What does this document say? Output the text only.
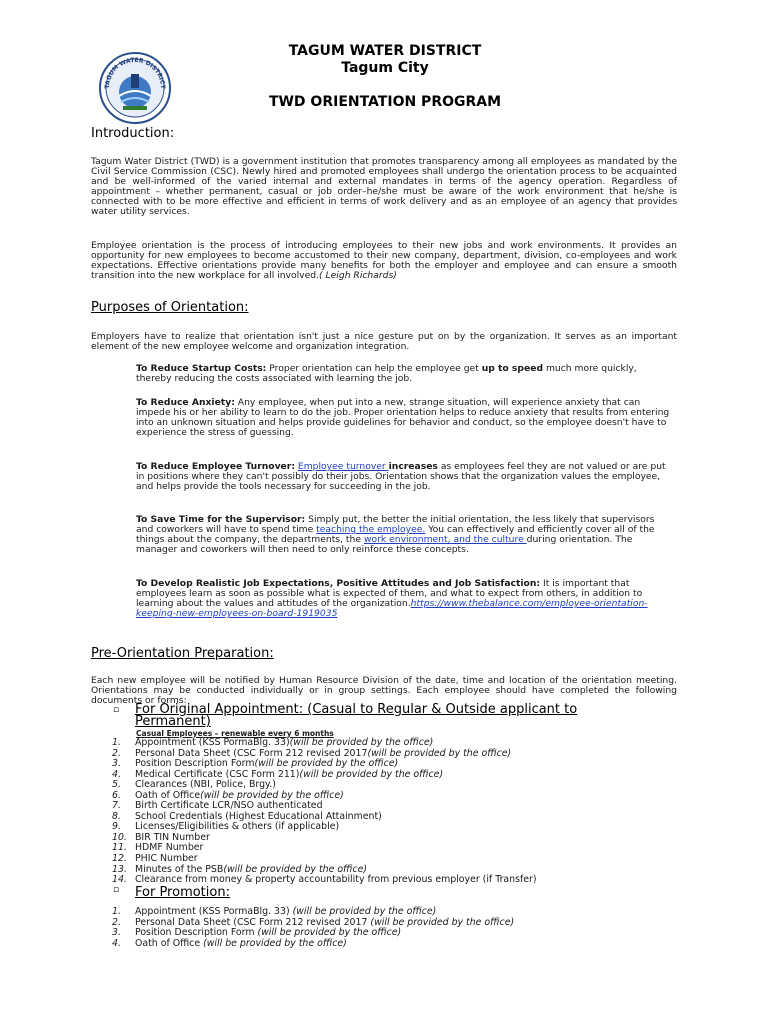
TAGUM WATER DISTRICT
TAGUM WATER DISTRICT
Tagum City
TWD ORIENTATION PROGRAM
Introduction:

Tagum Water District (TWD) is a government institution that promotes transparency among all employees as mandated by the Civil Service Commission (CSC). Newly hired and promoted employees shall undergo the orientation process to be acquainted and be well-informed of the varied internal and external mandates in terms of the agency operation. Regardless of appointment – whether permanent, casual or job order–he/she must be aware of the work environment that he/she is connected with to be more effective and efficient in terms of work delivery and as an employee of an agency that provides water utility services.

Employee orientation is the process of introducing employees to their new jobs and work environments. It provides an opportunity for new employees to become accustomed to their new company, department, division, co-employees and work expectations. Effective orientations provide many benefits for both the employer and employee and can ensure a smooth transition into the new workplace for all involved.( Leigh Richards)

Purposes of Orientation:

Employers have to realize that orientation isn't just a nice gesture put on by the organization. It serves as an important element of the new employee welcome and organization integration.

To Reduce Startup Costs: Proper orientation can help the employee get up to speed much more quickly, thereby reducing the costs associated with learning the job.

To Reduce Anxiety: Any employee, when put into a new, strange situation, will experience anxiety that can impede his or her ability to learn to do the job. Proper orientation helps to reduce anxiety that results from entering into an unknown situation and helps provide guidelines for behavior and conduct, so the employee doesn't have to experience the stress of guessing.

To Reduce Employee Turnover: Employee turnover increases as employees feel they are not valued or are put in positions where they can't possibly do their jobs. Orientation shows that the organization values the employee, and helps provide the tools necessary for succeeding in the job.

To Save Time for the Supervisor: Simply put, the better the initial orientation, the less likely that supervisors and coworkers will have to spend time teaching the employee. You can effectively and efficiently cover all of the things about the company, the departments, the work environment, and the culture during orientation. The manager and coworkers will then need to only reinforce these concepts.

To Develop Realistic Job Expectations, Positive Attitudes and Job Satisfaction: It is important that employees learn as soon as possible what is expected of them, and what to expect from others, in addition to learning about the values and attitudes of the organization.https://www.thebalance.com/employee-orientation-keeping-new-employees-on-board-1919035

Pre-Orientation Preparation:

Each new employee will be notified by Human Resource Division of the date, time and location of the orientation meeting. Orientations may be conducted individually or in group settings. Each employee should have completed the following documents or forms:

▫ For Original Appointment: (Casual to Regular & Outside applicant to
Permanent)
Casual Employees – renewable every 6 months
1. Appointment (KSS PormaBlg. 33)(will be provided by the office)
2. Personal Data Sheet (CSC Form 212 revised 2017(will be provided by the office)
3. Position Description Form(will be provided by the office)
4. Medical Certificate (CSC Form 211)(will be provided by the office)
5. Clearances (NBI, Police, Brgy.)
6. Oath of Office(will be provided by the office)
7. Birth Certificate LCR/NSO authenticated
8. School Credentials (Highest Educational Attainment)
9. Licenses/Eligibilities & others (if applicable)
10. BIR TIN Number
11. HDMF Number
12. PHIC Number
13. Minutes of the PSB(will be provided by the office)
14. Clearance from money & property accountability from previous employer (if Transfer)
▫ For Promotion:
1. Appointment (KSS PormaBlg. 33) (will be provided by the office)
2. Personal Data Sheet (CSC Form 212 revised 2017 (will be provided by the office)
3. Position Description Form (will be provided by the office)
4. Oath of Office (will be provided by the office)
